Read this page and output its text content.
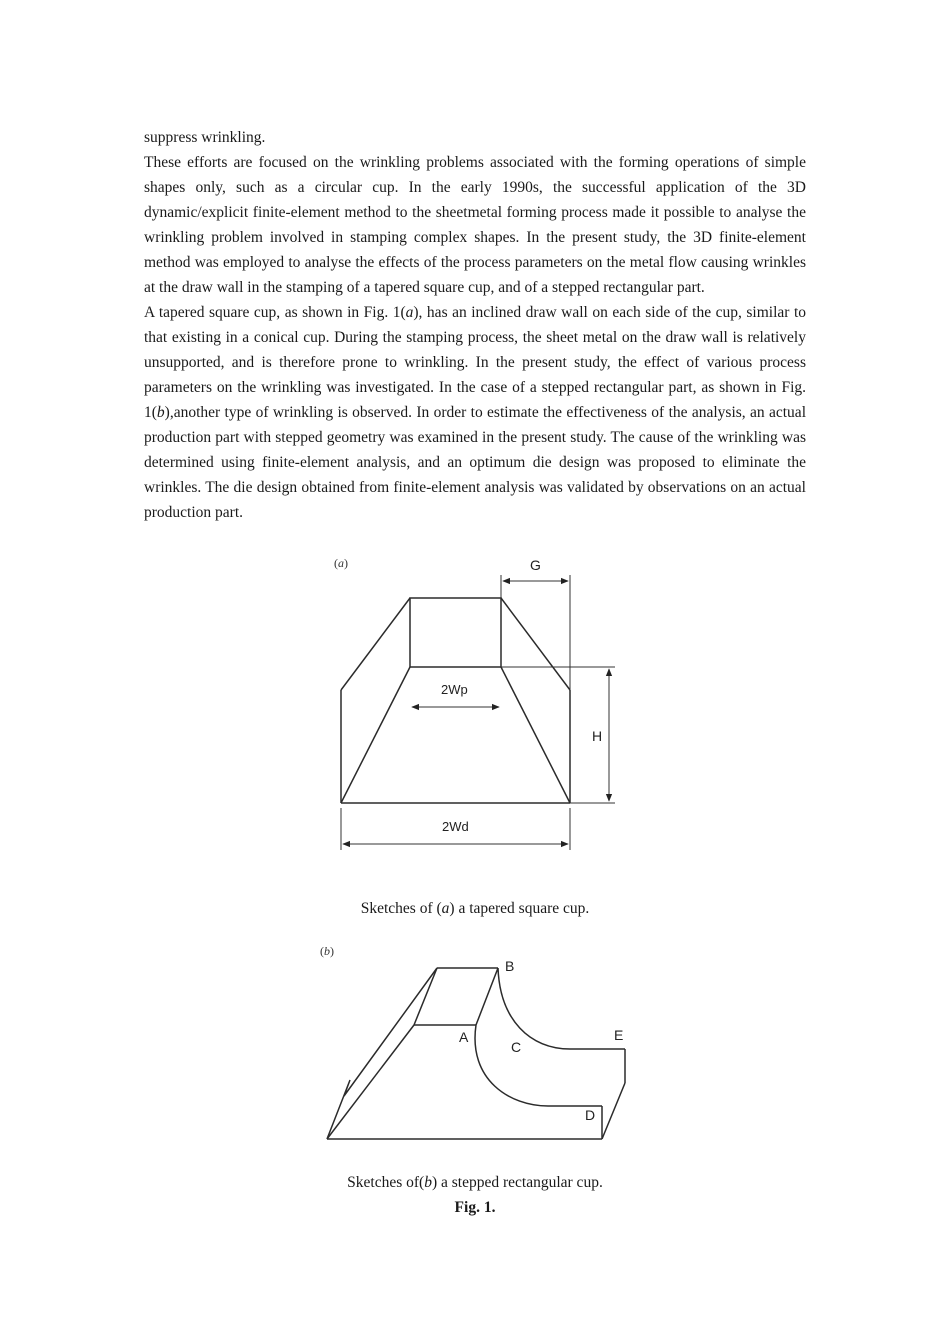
suppress wrinkling.

These efforts are focused on the wrinkling problems associated with the forming operations of simple shapes only, such as a circular cup. In the early 1990s, the successful application of the 3D dynamic/explicit finite-element method to the sheetmetal forming process made it possible to analyse the wrinkling problem involved in stamping complex shapes. In the present study, the 3D finite-element method was employed to analyse the effects of the process parameters on the metal flow causing wrinkles at the draw wall in the stamping of a tapered square cup, and of a stepped rectangular part.

A tapered square cup, as shown in Fig. 1(a), has an inclined draw wall on each side of the cup, similar to that existing in a conical cup. During the stamping process, the sheet metal on the draw wall is relatively unsupported, and is therefore prone to wrinkling. In the present study, the effect of various process parameters on the wrinkling was investigated. In the case of a stepped rectangular part, as shown in Fig. 1(b),another type of wrinkling is observed. In order to estimate the effectiveness of the analysis, an actual production part with stepped geometry was examined in the present study. The cause of the wrinkling was determined using finite-element analysis, and an optimum die design was proposed to eliminate the wrinkles. The die design obtained from finite-element analysis was validated by observations on an actual production part.

(a)	G
H
2Wp
2Wd
(b)
B
A
C
E
D
Sketches of (a) a tapered square cup.
Sketches of(b) a stepped rectangular cup.
Fig. 1.
